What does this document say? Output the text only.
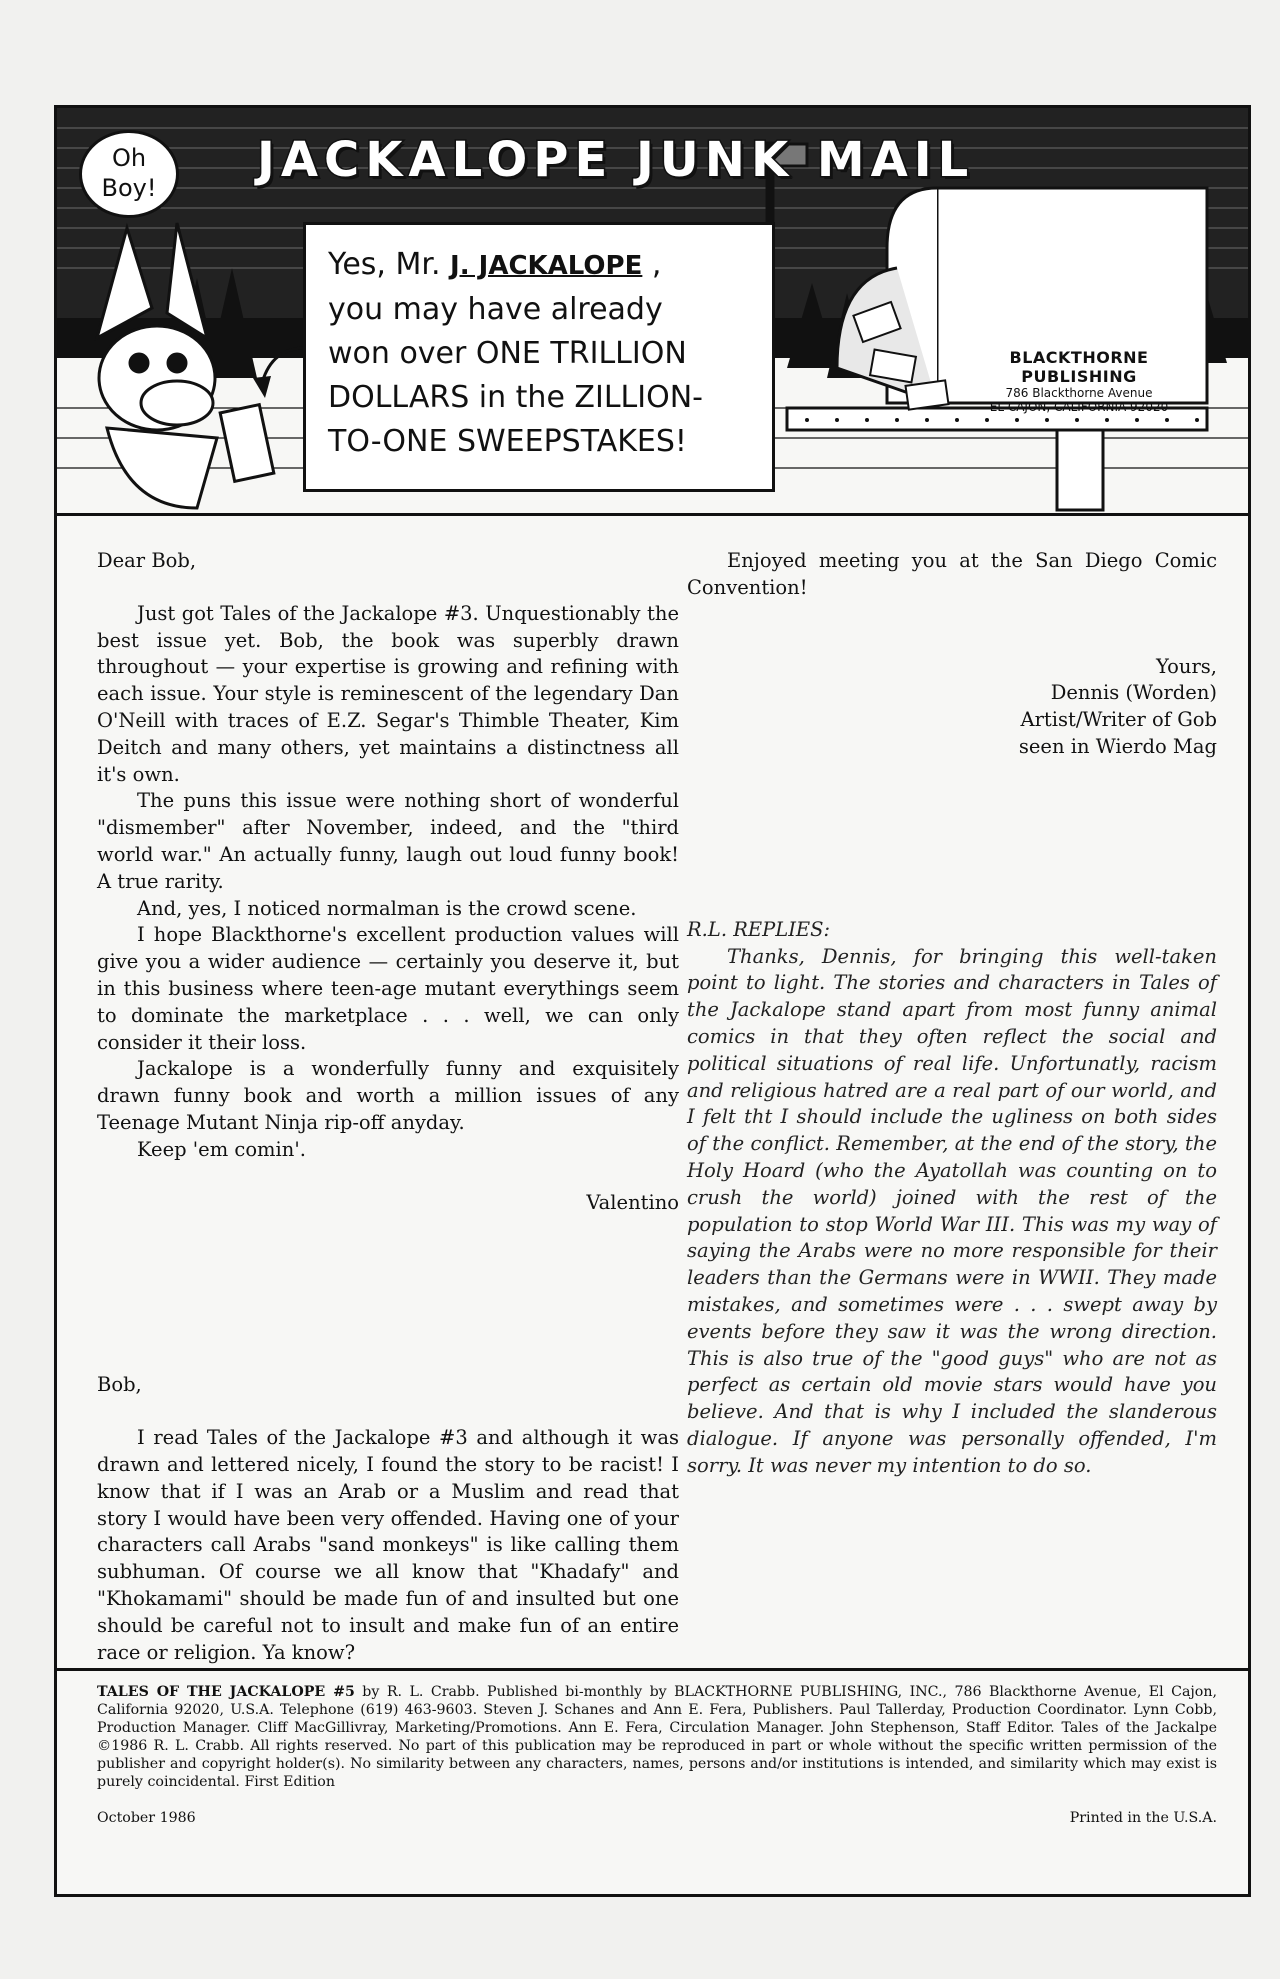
Oh Boy!	JACKALOPE JUNK MAIL
Yes, Mr. J. JACKALOPE ,
you may have already
won over ONE TRILLION
DOLLARS in the ZILLION-
TO-ONE SWEEPSTAKES!
BLACKTHORNE PUBLISHING
786 Blackthorne Avenue
EL CAJON, CALIFORNIA 92020

Dear Bob,

Just got Tales of the Jackalope #3. Unquestionably the best issue yet. Bob, the book was superbly drawn throughout — your expertise is growing and refining with each issue. Your style is reminescent of the legendary Dan O'Neill with traces of E.Z. Segar's Thimble Theater, Kim Deitch and many others, yet maintains a distinctness all it's own.

The puns this issue were nothing short of wonderful "dismember" after November, indeed, and the "third world war." An actually funny, laugh out loud funny book! A true rarity.

And, yes, I noticed normalman is the crowd scene.

I hope Blackthorne's excellent production values will give you a wider audience — certainly you deserve it, but in this business where teen-age mutant everythings seem to dominate the marketplace . . . well, we can only consider it their loss.

Jackalope is a wonderfully funny and exquisitely drawn funny book and worth a million issues of any Teenage Mutant Ninja rip-off anyday.

Keep 'em comin'.

Valentino

Bob,

I read Tales of the Jackalope #3 and although it was drawn and lettered nicely, I found the story to be racist! I know that if I was an Arab or a Muslim and read that story I would have been very offended. Having one of your characters call Arabs "sand monkeys" is like calling them subhuman. Of course we all know that "Khadafy" and "Khokamami" should be made fun of and insulted but one should be careful not to insult and make fun of an entire race or religion. Ya know?

Enjoyed meeting you at the San Diego Comic Convention!

Yours,

Dennis (Worden)

Artist/Writer of Gob

seen in Wierdo Mag

R.L. REPLIES:

Thanks, Dennis, for bringing this well-taken point to light. The stories and characters in Tales of the Jackalope stand apart from most funny animal comics in that they often reflect the social and political situations of real life. Unfortunatly, racism and religious hatred are a real part of our world, and I felt tht I should include the ugliness on both sides of the conflict. Remember, at the end of the story, the Holy Hoard (who the Ayatollah was counting on to crush the world) joined with the rest of the population to stop World War III. This was my way of saying the Arabs were no more responsible for their leaders than the Germans were in WWII. They made mistakes, and sometimes were . . . swept away by events before they saw it was the wrong direction. This is also true of the "good guys" who are not as perfect as certain old movie stars would have you believe. And that is why I included the slanderous dialogue. If anyone was personally offended, I'm sorry. It was never my intention to do so.

TALES OF THE JACKALOPE #5 by R. L. Crabb. Published bi-monthly by BLACKTHORNE PUBLISHING, INC., 786 Blackthorne Avenue, El Cajon, California 92020, U.S.A. Telephone (619) 463-9603. Steven J. Schanes and Ann E. Fera, Publishers. Paul Tallerday, Production Coordinator. Lynn Cobb, Production Manager. Cliff MacGillivray, Marketing/Promotions. Ann E. Fera, Circulation Manager. John Stephenson, Staff Editor. Tales of the Jackalpe ©1986 R. L. Crabb. All rights reserved. No part of this publication may be reproduced in part or whole without the specific written permission of the publisher and copyright holder(s). No similarity between any characters, names, persons and/or institutions is intended, and similarity which may exist is purely coincidental. First Edition
October 1986	Printed in the U.S.A.
